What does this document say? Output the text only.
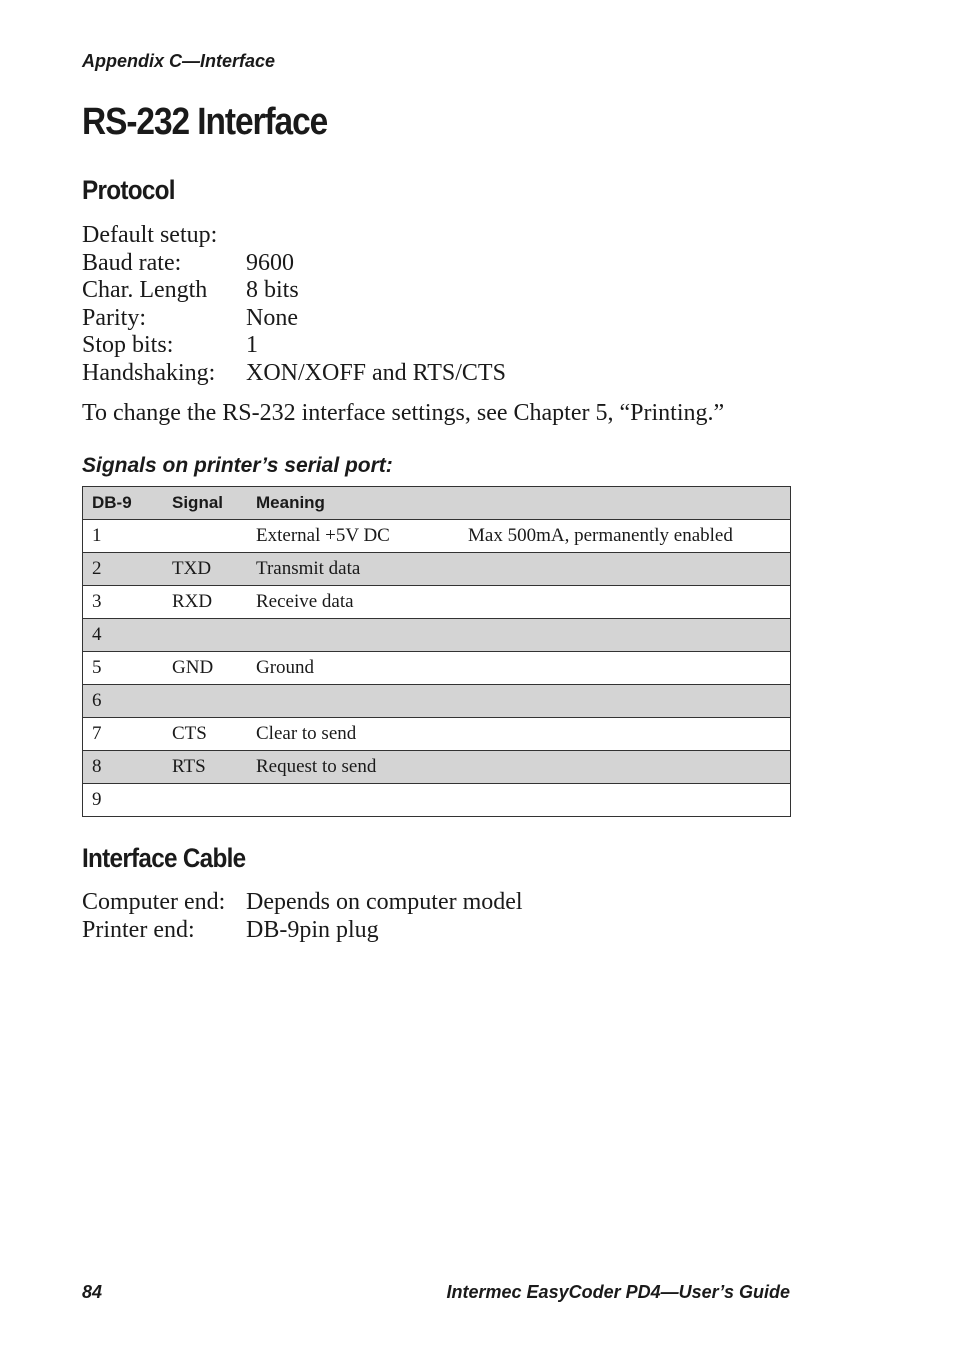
Appendix C—Interface
RS-232 Interface
Protocol
Default setup:
Baud rate:	9600
Char. Length	8 bits
Parity:	None
Stop bits:	1
Handshaking:	XON/XOFF and RTS/CTS
To change the RS-232 interface settings, see Chapter 5, “Printing.”
Signals on printer’s serial port:
DB-9	Signal	Meaning	
1		External +5V DC	Max 500mA, permanently enabled
2	TXD	Transmit data	
3	RXD	Receive data	
4			
5	GND	Ground	
6			
7	CTS	Clear to send	
8	RTS	Request to send	
9			
Interface Cable
Computer end: Depends on computer model
Printer end:	DB-9pin plug
84	Intermec EasyCoder PD4—User’s Guide
